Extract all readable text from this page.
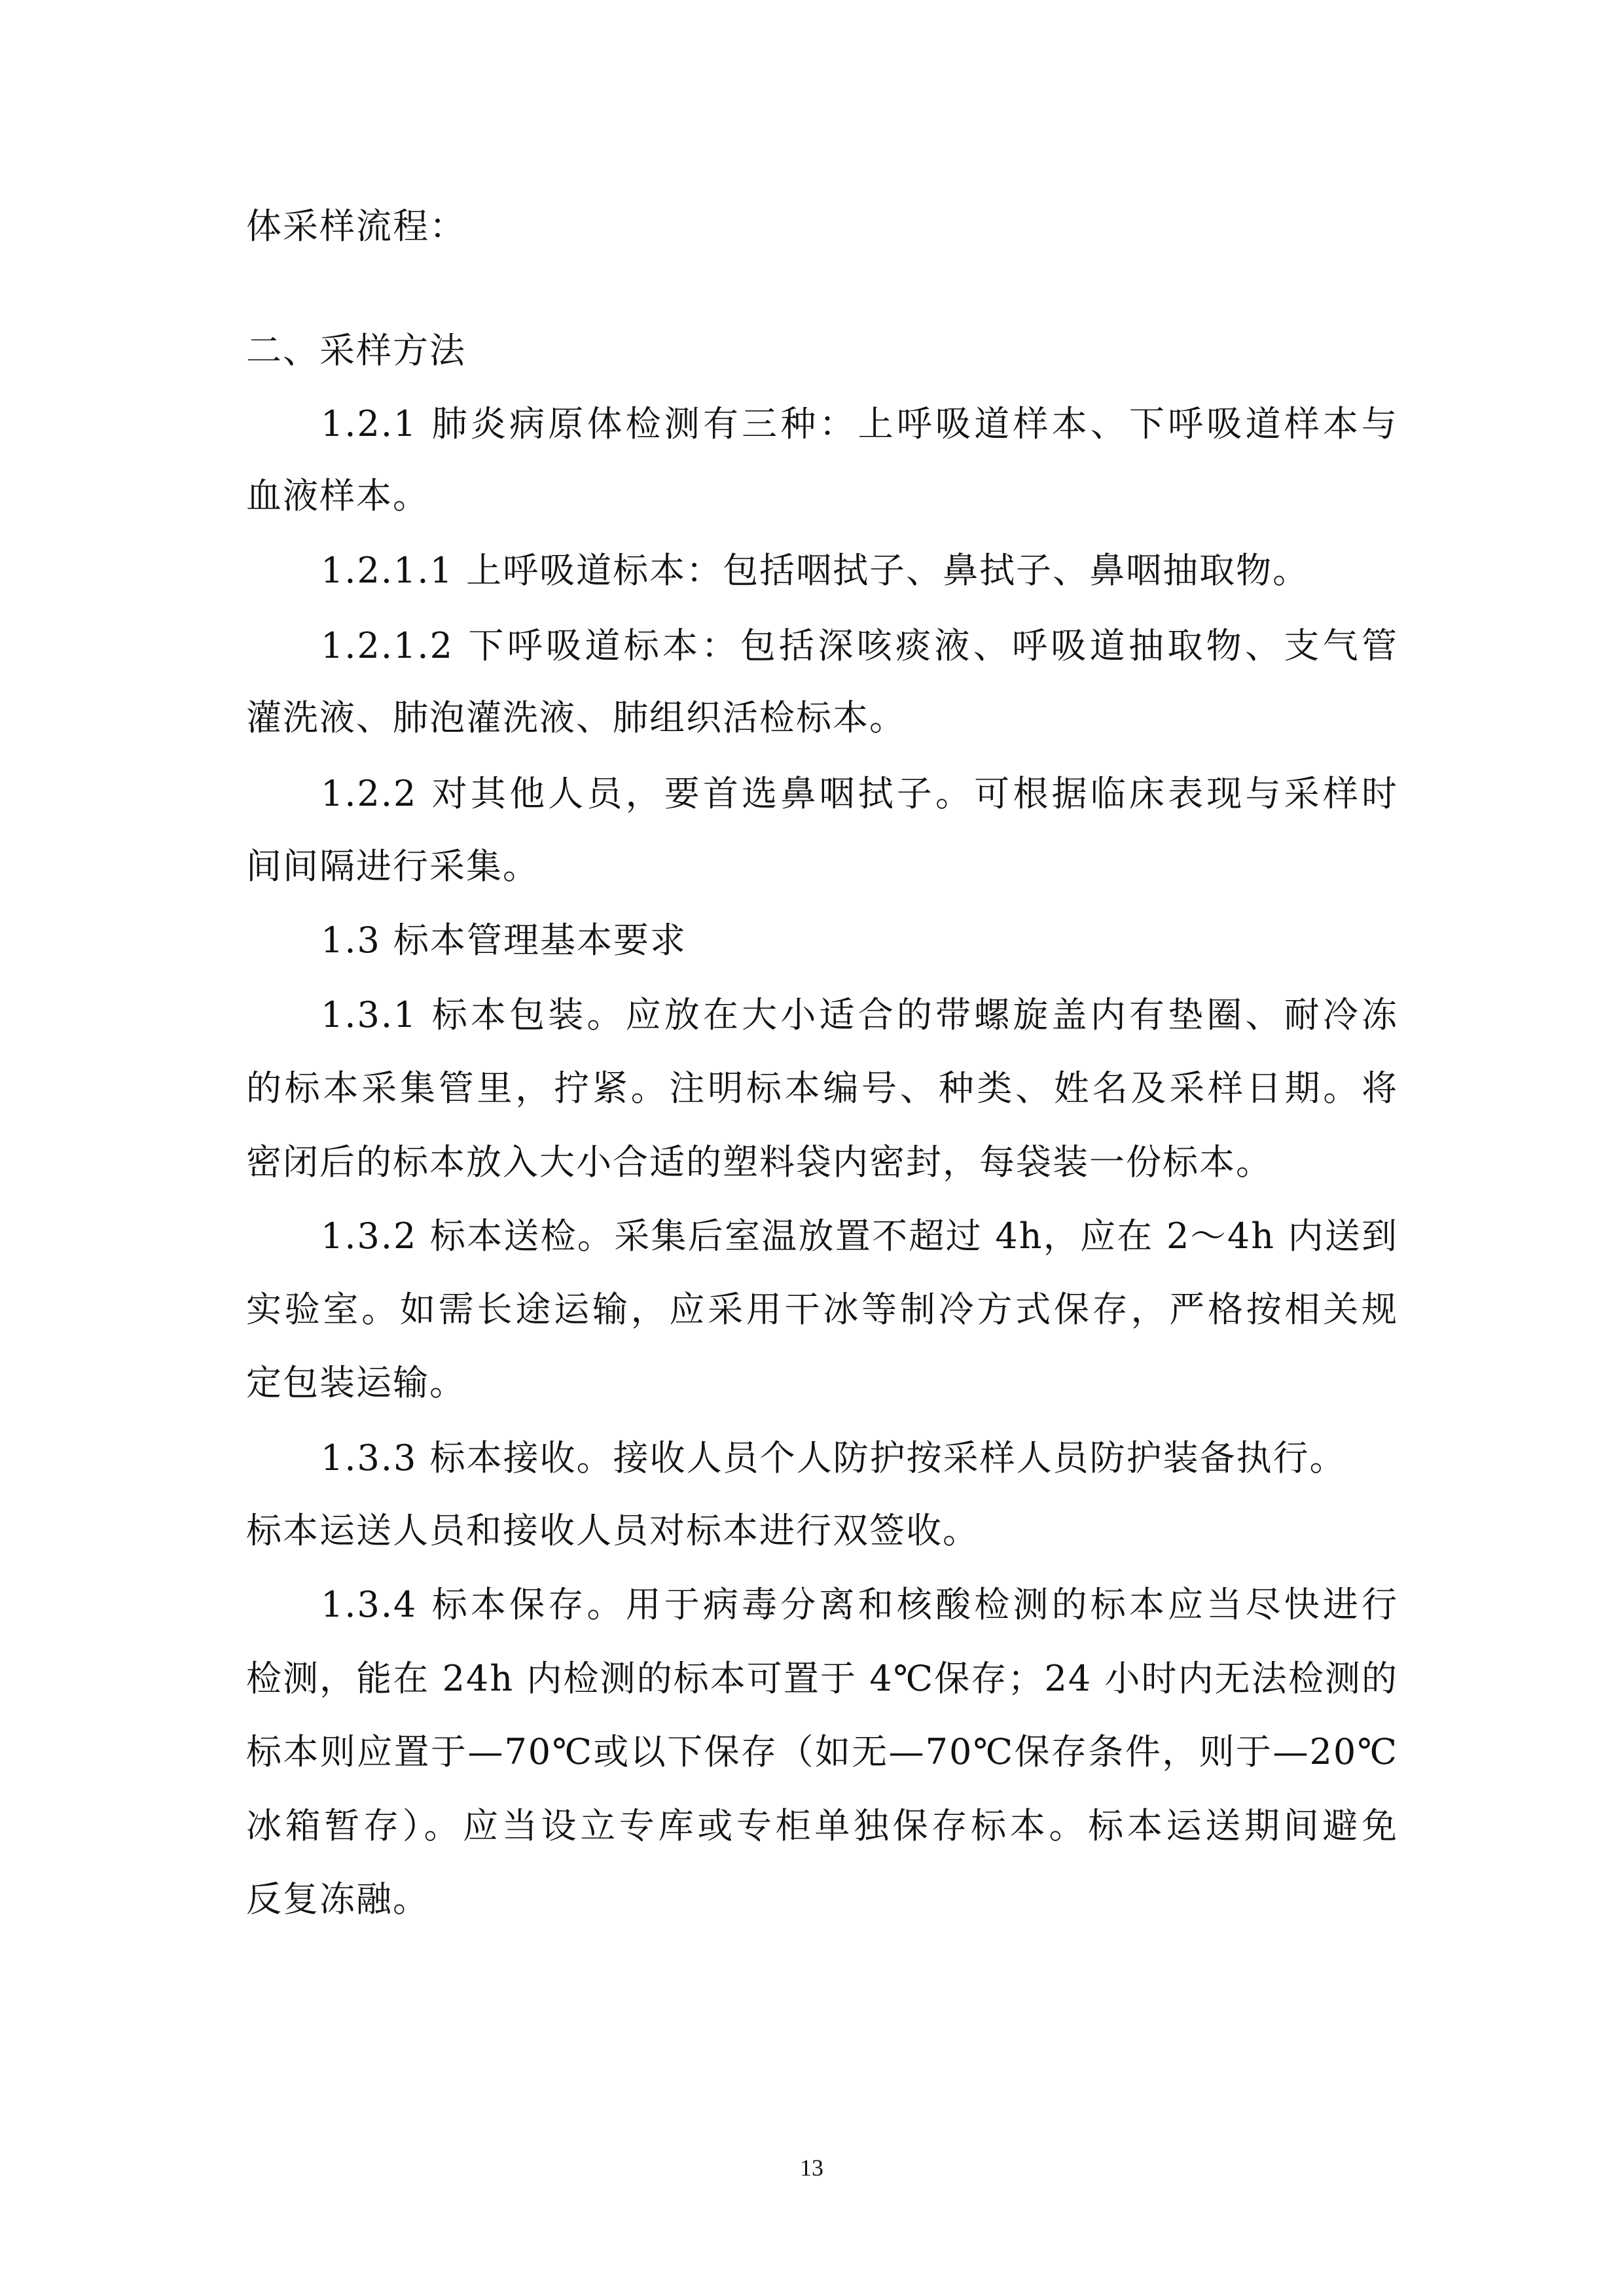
体采样流程：
二、采样方法
1.2.1 肺炎病原体检测有三种：上呼吸道样本、下呼吸道样本与
血液样本。
1.2.1.1 上呼吸道标本：包括咽拭子、鼻拭子、鼻咽抽取物。
1.2.1.2 下呼吸道标本：包括深咳痰液、呼吸道抽取物、支气管
灌洗液、肺泡灌洗液、肺组织活检标本。
1.2.2 对其他人员，要首选鼻咽拭子。可根据临床表现与采样时
间间隔进行采集。
1.3 标本管理基本要求
1.3.1 标本包装。应放在大小适合的带螺旋盖内有垫圈、耐冷冻
的标本采集管里，拧紧。注明标本编号、种类、姓名及采样日期。将
密闭后的标本放入大小合适的塑料袋内密封，每袋装一份标本。
1.3.2 标本送检。采集后室温放置不超过 4h，应在 2～4h 内送到
实验室。如需长途运输，应采用干冰等制冷方式保存，严格按相关规
定包装运输。
1.3.3 标本接收。接收人员个人防护按采样人员防护装备执行。
标本运送人员和接收人员对标本进行双签收。
1.3.4 标本保存。用于病毒分离和核酸检测的标本应当尽快进行
检测，能在 24h 内检测的标本可置于 4℃保存；24 小时内无法检测的
标本则应置于—70℃或以下保存（如无—70℃保存条件，则于—20℃
冰箱暂存）。应当设立专库或专柜单独保存标本。标本运送期间避免
反复冻融。
13
